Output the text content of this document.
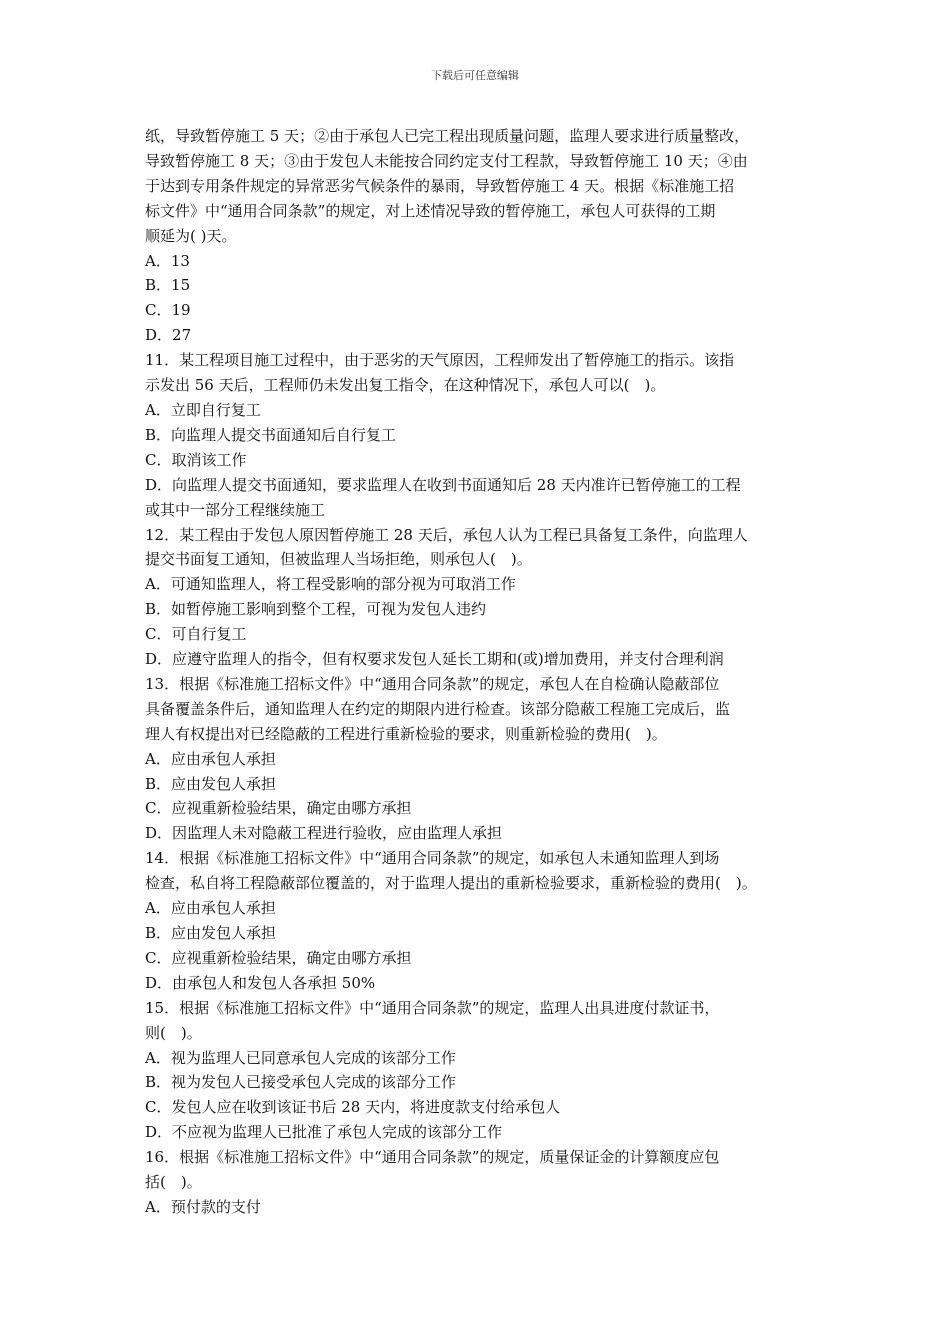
下载后可任意编辑
纸，导致暂停施工 5 天；②由于承包人已完工程出现质量问题，监理人要求进行质量整改，
导致暂停施工 8 天；③由于发包人未能按合同约定支付工程款，导致暂停施工 10 天；④由
于达到专用条件规定的异常恶劣气候条件的暴雨，导致暂停施工 4 天。根据《标准施工招
标文件》中“通用合同条款”的规定，对上述情况导致的暂停施工，承包人可获得的工期
顺延为( )天。
A．13
B．15
C．19
D．27
11．某工程项目施工过程中，由于恶劣的天气原因，工程师发出了暂停施工的指示。该指
示发出 56 天后，工程师仍未发出复工指令，在这种情况下，承包人可以(　)。
A．立即自行复工
B．向监理人提交书面通知后自行复工
C．取消该工作
D．向监理人提交书面通知，要求监理人在收到书面通知后 28 天内准许已暂停施工的工程
或其中一部分工程继续施工
12．某工程由于发包人原因暂停施工 28 天后，承包人认为工程已具备复工条件，向监理人
提交书面复工通知，但被监理人当场拒绝，则承包人(　)。
A．可通知监理人，将工程受影响的部分视为可取消工作
B．如暂停施工影响到整个工程，可视为发包人违约
C．可自行复工
D．应遵守监理人的指令，但有权要求发包人延长工期和(或)增加费用，并支付合理利润
13．根据《标准施工招标文件》中“通用合同条款”的规定，承包人在自检确认隐蔽部位
具备覆盖条件后，通知监理人在约定的期限内进行检查。该部分隐蔽工程施工完成后，监
理人有权提出对已经隐蔽的工程进行重新检验的要求，则重新检验的费用(　)。
A．应由承包人承担
B．应由发包人承担
C．应视重新检验结果，确定由哪方承担
D．因监理人未对隐蔽工程进行验收，应由监理人承担
14．根据《标准施工招标文件》中“通用合同条款”的规定，如承包人未通知监理人到场
检查，私自将工程隐蔽部位覆盖的，对于监理人提出的重新检验要求，重新检验的费用(　)。
A．应由承包人承担
B．应由发包人承担
C．应视重新检验结果，确定由哪方承担
D．由承包人和发包人各承担 50%
15．根据《标准施工招标文件》中“通用合同条款”的规定，监理人出具进度付款证书，
则(　)。
A．视为监理人已同意承包人完成的该部分工作
B．视为发包人已接受承包人完成的该部分工作
C．发包人应在收到该证书后 28 天内，将进度款支付给承包人
D．不应视为监理人已批准了承包人完成的该部分工作
16．根据《标准施工招标文件》中“通用合同条款”的规定，质量保证金的计算额度应包
括(　)。
A．预付款的支付
